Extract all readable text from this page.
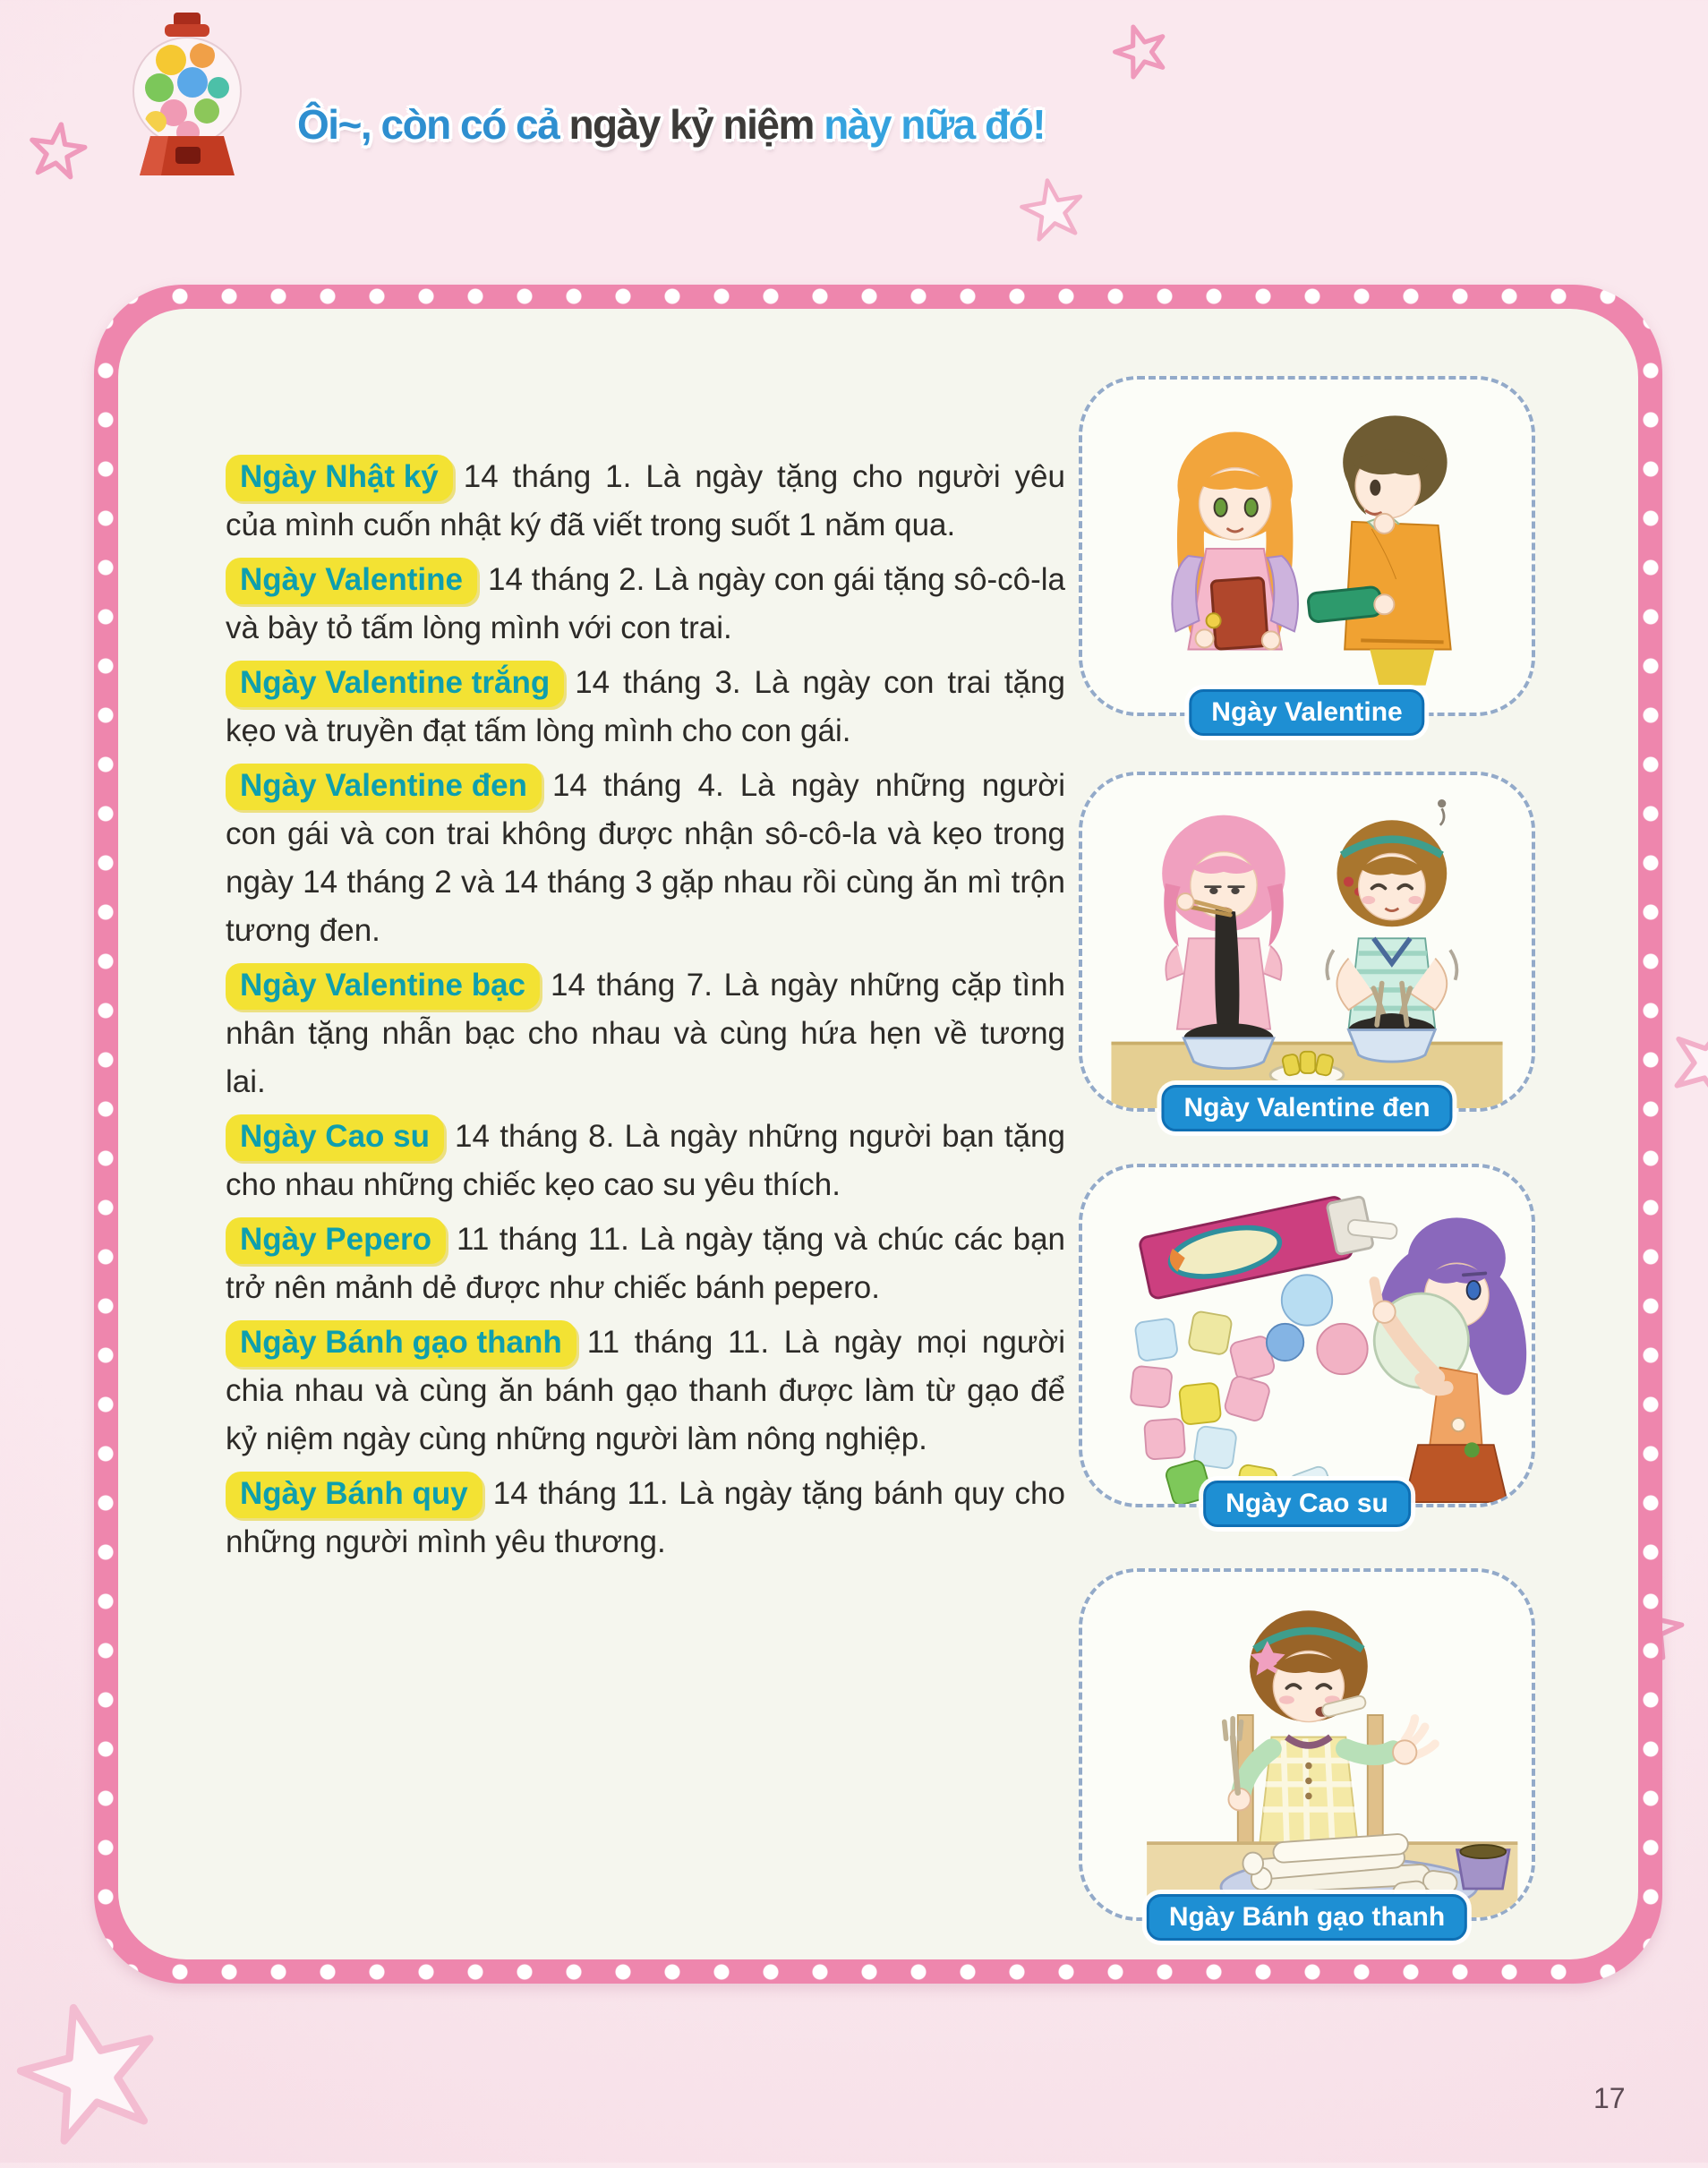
Ôi~, còn có cả ngày kỷ niệm này nữa đó!

Ngày Nhật ký 14 tháng 1. Là ngày tặng cho người yêu của mình cuốn nhật ký đã viết trong suốt 1 năm qua.

Ngày Valentine 14 tháng 2. Là ngày con gái tặng sô-cô-la và bày tỏ tấm lòng mình với con trai.

Ngày Valentine trắng 14 tháng 3. Là ngày con trai tặng kẹo và truyền đạt tấm lòng mình cho con gái.

Ngày Valentine đen 14 tháng 4. Là ngày những người con gái và con trai không được nhận sô-cô-la và kẹo trong ngày 14 tháng 2 và 14 tháng 3 gặp nhau rồi cùng ăn mì trộn tương đen.

Ngày Valentine bạc 14 tháng 7. Là ngày những cặp tình nhân tặng nhẫn bạc cho nhau và cùng hứa hẹn về tương lai.

Ngày Cao su 14 tháng 8. Là ngày những người bạn tặng cho nhau những chiếc kẹo cao su yêu thích.

Ngày Pepero 11 tháng 11. Là ngày tặng và chúc các bạn trở nên mảnh dẻ được như chiếc bánh pepero.

Ngày Bánh gạo thanh 11 tháng 11. Là ngày mọi người chia nhau và cùng ăn bánh gạo thanh được làm từ gạo để kỷ niệm ngày cùng những người làm nông nghiệp.

Ngày Bánh quy 14 tháng 11. Là ngày tặng bánh quy cho những người mình yêu thương.

Ngày Valentine
Ngày Valentine đen
Ngày Cao su
Ngày Bánh gạo thanh
17
